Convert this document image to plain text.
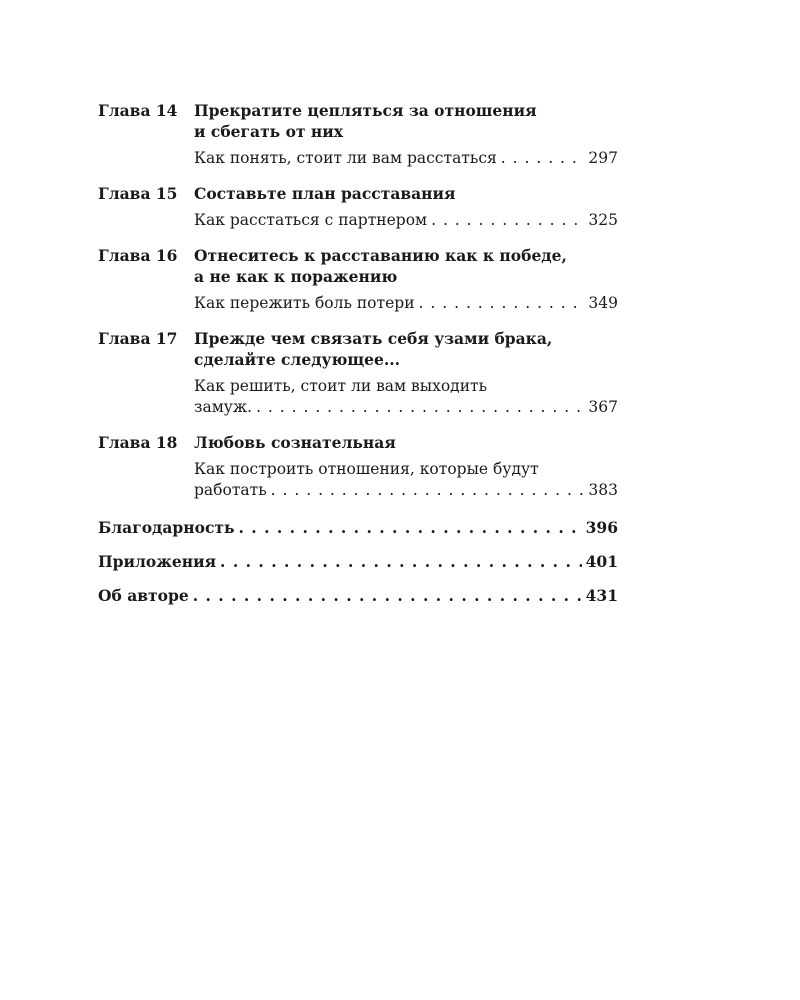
Глава 14	Прекратите цепляться за отношения
и сбегать от них
Как понять, стоит ли вам расстаться . . .	297
Глава 15	Составьте план расставания
Как расстаться с партнером . . .	325
Глава 16	Отнеситесь к расставанию как к победе,
а не как к поражению
Как пережить боль потери . . .	349
Глава 17	Прежде чем связать себя узами брака,
сделайте следующее...
Как решить, стоит ли вам выходить
замуж. . . .	367
Глава 18	Любовь сознательная
Как построить отношения, которые будут
работать . . .	383
Благодарность . . .	396
Приложения . . .	401
Об авторе . . .	431
